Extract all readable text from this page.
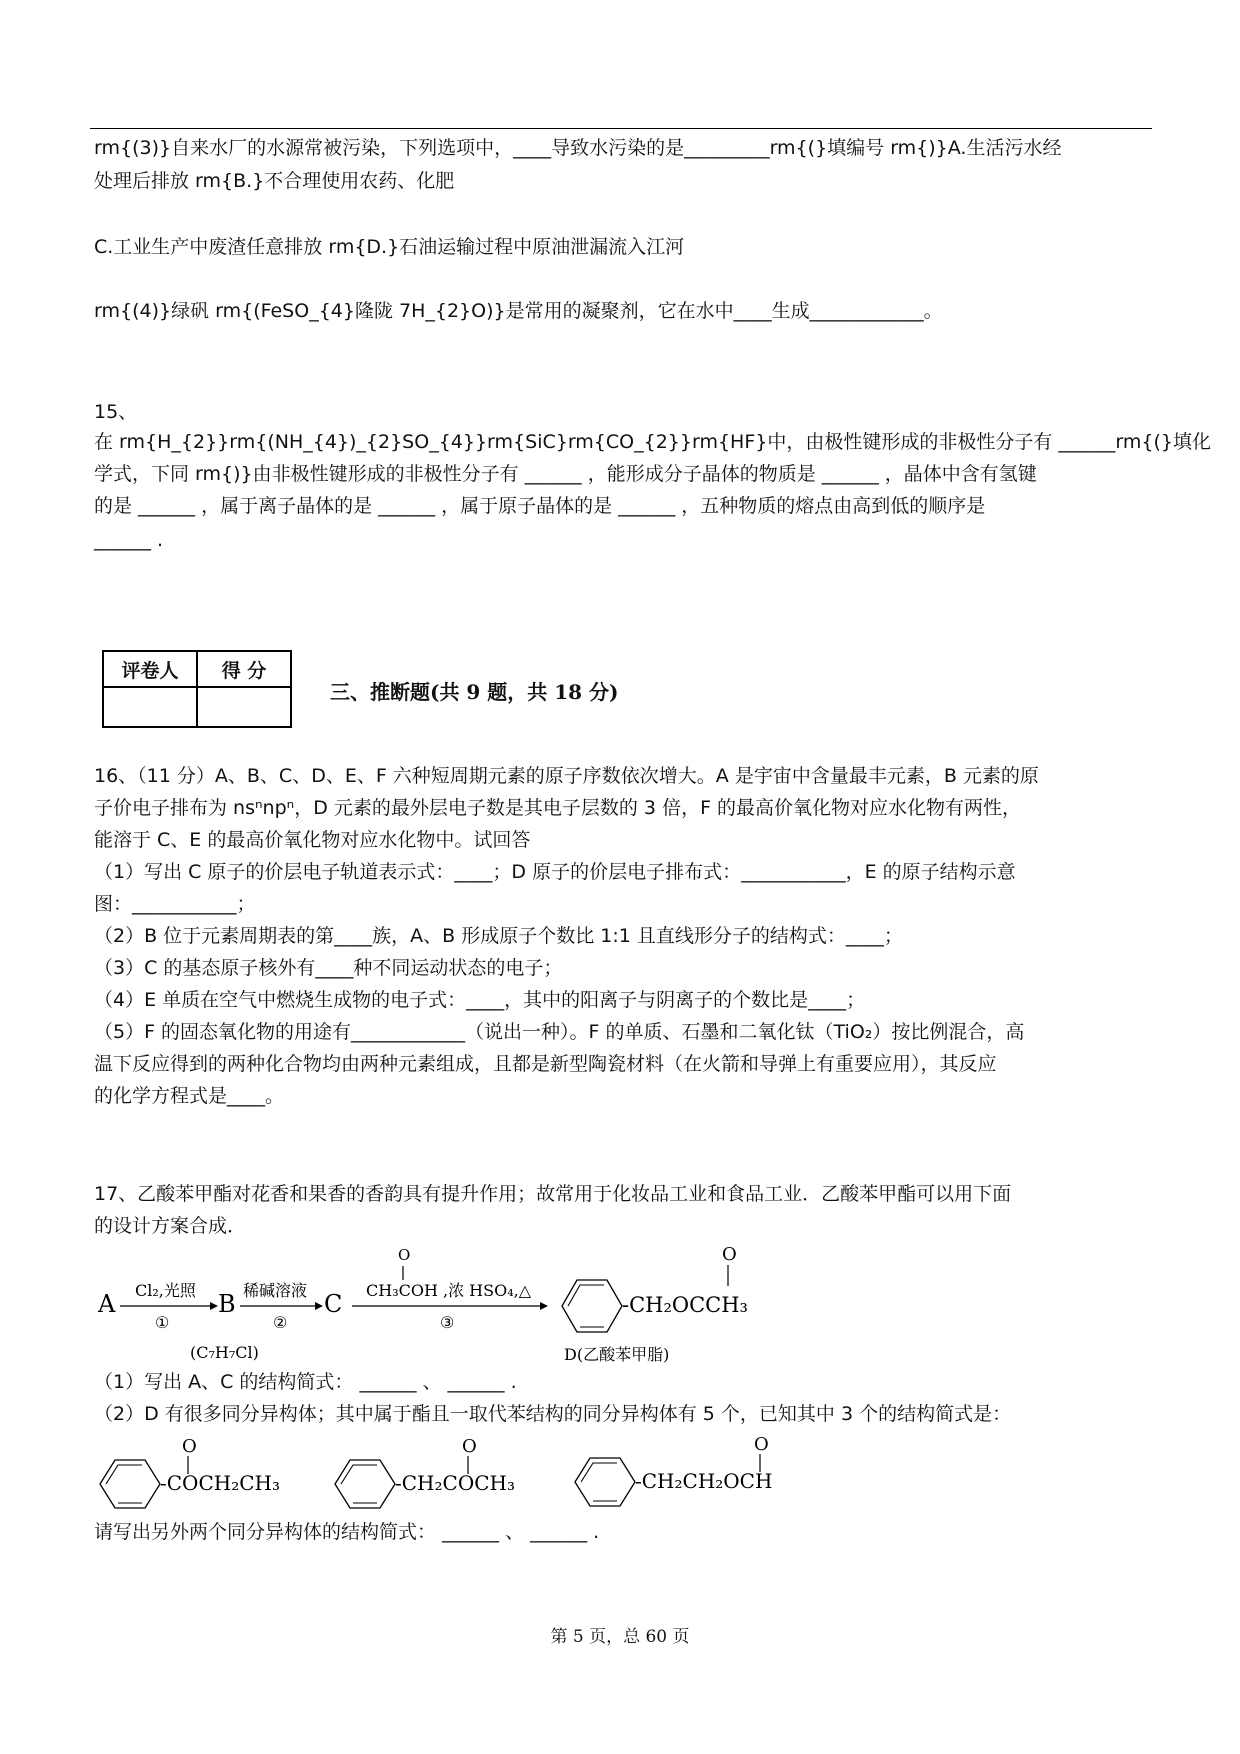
rm{(3)}自来水厂的水源常被污染，下列选项中，____导致水污染的是_________rm{(}填编号 rm{)}A.生活污水经
处理后排放 rm{B.}不合理使用农药、化肥
C.工业生产中废渣任意排放 rm{D.}石油运输过程中原油泄漏流入江河
rm{(4)}绿矾 rm{(FeSO_{4}隆陇 7H_{2}O)}是常用的凝聚剂，它在水中____生成____________。
15、
在 rm{H_{2}}rm{(NH_{4})_{2}SO_{4}}rm{SiC}rm{CO_{2}}rm{HF}中，由极性键形成的非极性分子有 ______rm{(}填化
学式，下同 rm{)}由非极性键形成的非极性分子有 ______ ，能形成分子晶体的物质是 ______ ，晶体中含有氢键
的是 ______ ，属于离子晶体的是 ______ ，属于原子晶体的是 ______ ，五种物质的熔点由高到低的顺序是
______ .
评卷人	得 分

三、推断题(共 9 题，共 18 分)
16、（11 分）A、B、C、D、E、F 六种短周期元素的原子序数依次增大。A 是宇宙中含量最丰元素，B 元素的原
子价电子排布为 nsⁿnpⁿ，D 元素的最外层电子数是其电子层数的 3 倍，F 的最高价氧化物对应水化物有两性，
能溶于 C、E 的最高价氧化物对应水化物中。试回答
（1）写出 C 原子的价层电子轨道表示式：____；D 原子的价层电子排布式：___________，E 的原子结构示意
图：___________；
（2）B 位于元素周期表的第____族，A、B 形成原子个数比 1:1 且直线形分子的结构式：____；
（3）C 的基态原子核外有____种不同运动状态的电子；
（4）E 单质在空气中燃烧生成物的电子式：____，其中的阳离子与阴离子的个数比是____；
（5）F 的固态氧化物的用途有____________（说出一种）。F 的单质、石墨和二氧化钛（TiO₂）按比例混合，高
温下反应得到的两种化合物均由两种元素组成，且都是新型陶瓷材料（在火箭和导弹上有重要应用），其反应
的化学方程式是____。
17、乙酸苯甲酯对花香和果香的香韵具有提升作用；故常用于化妆品工业和食品工业．乙酸苯甲酯可以用下面
的设计方案合成．
A Cl₂,光照
①
B
(C₇H₇Cl)
稀碱溶液
②
C
O
CH₃COH ,浓 HSO₄,△
③
O
-CH₂OCCH₃
D(乙酸苯甲脂)
（1）写出 A、C 的结构简式： ______ 、 ______ .
（2）D 有很多同分异构体；其中属于酯且一取代苯结构的同分异构体有 5 个，已知其中 3 个的结构简式是：
O
-COCH₂CH₃
O
-CH₂COCH₃
O
-CH₂CH₂OCH
请写出另外两个同分异构体的结构简式： ______ 、 ______ .
第 5 页，总 60 页
